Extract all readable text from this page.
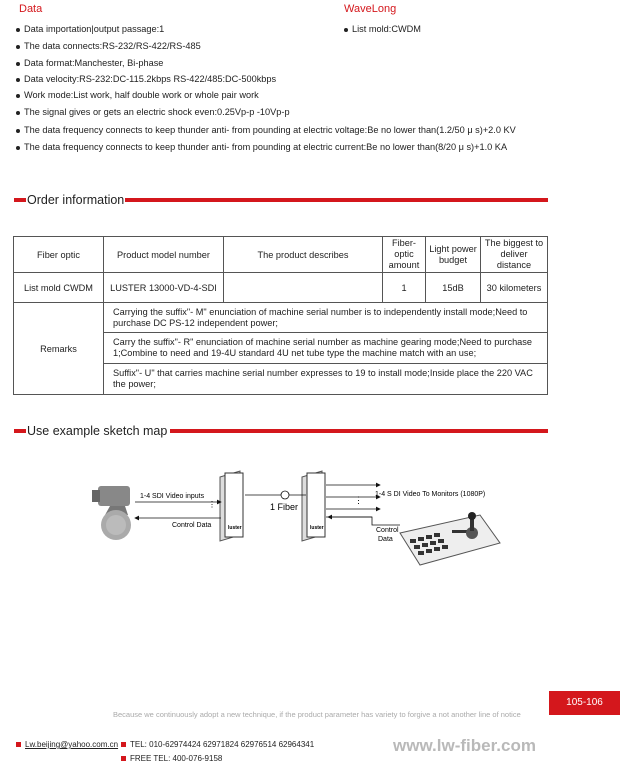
Data	WaveLong
Data importation|output passage:1
The data connects:RS-232/RS-422/RS-485
Data format:Manchester, Bi-phase
Data velocity:RS-232:DC-115.2kbps RS-422/485:DC-500kbps
Work mode:List work, half double work or whole pair work
The signal gives or gets an electric shock even:0.25Vp-p -10Vp-p
The data frequency connects to keep thunder anti- from pounding at electric voltage:Be no lower than(1.2/50 μ s)+2.0 KV
The data frequency connects to keep thunder anti- from pounding at electric current:Be no lower than(8/20 μ s)+1.0 KA
List mold:CWDM
Order information
Fiber optic	Product model number	The product describes	Fiber-optic amount	Light power budget	The biggest to deliver distance
List mold CWDM	LUSTER 13000-VD-4-SDI		1	15dB	30 kilometers
Remarks	Carrying the suffix"- M" enunciation of machine serial number is to independently install mode;Need to purchase DC PS-12 independent power;				
	Carry the suffix"- R" enunciation of machine serial number as machine gearing mode;Need to purchase 1;Combine to need and 19-4U standard 4U net tube type the machine match with an use;				
	Suffix"- U" that carries machine serial number expresses to 19 to install mode;Inside place the 220 VAC the power;				
Use example sketch map
luster	luster
⋮
1-4 SDI Video inputs
Control Data
1 Fiber
⋮
1-4 S DI Video To Monitors (1080P)
Control
Data
105-106
Because we continuously adopt a new technique, if the product parameter has variety to forgive a not another line of notice
Lw.beijing@yahoo.com.cn	TEL: 010-62974424 62971824 62976514 62964341
FREE TEL: 400-076-9158
www.lw-fiber.com
